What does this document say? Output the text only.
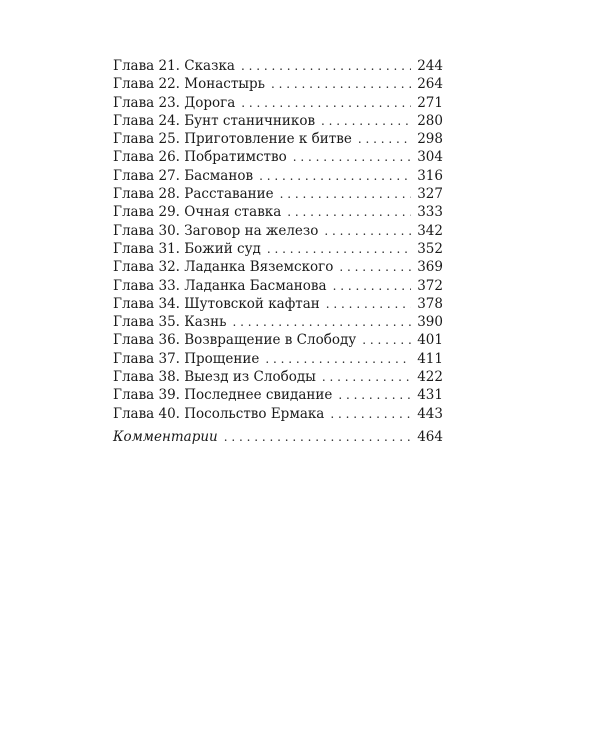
Глава 21. Сказка . . .	244
Глава 22. Монастырь . . .	264
Глава 23. Дорога . . .	271
Глава 24. Бунт станичников . . .	280
Глава 25. Приготовление к битве . . .	298
Глава 26. Побратимство . . .	304
Глава 27. Басманов . . .	316
Глава 28. Расставание . . .	327
Глава 29. Очная ставка . . .	333
Глава 30. Заговор на железо . . .	342
Глава 31. Божий суд . . .	352
Глава 32. Ладанка Вяземского . . .	369
Глава 33. Ладанка Басманова . . .	372
Глава 34. Шутовской кафтан . . .	378
Глава 35. Казнь . . .	390
Глава 36. Возвращение в Слободу . . .	401
Глава 37. Прощение . . .	411
Глава 38. Выезд из Слободы . . .	422
Глава 39. Последнее свидание . . .	431
Глава 40. Посольство Ермака . . .	443
Комментарии . . .	464
